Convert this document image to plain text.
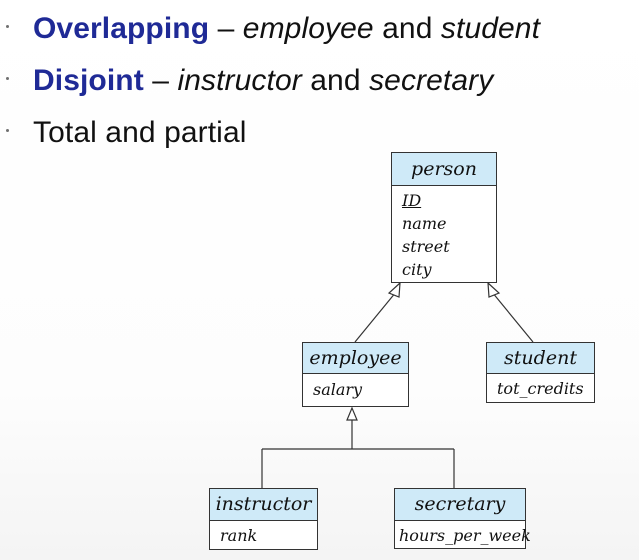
Overlapping – employee and student
Disjoint – instructor and secretary
Total and partial
person
ID
name
street
city
employee
salary
student
tot_credits
instructor
rank
secretary
hours_per_week
